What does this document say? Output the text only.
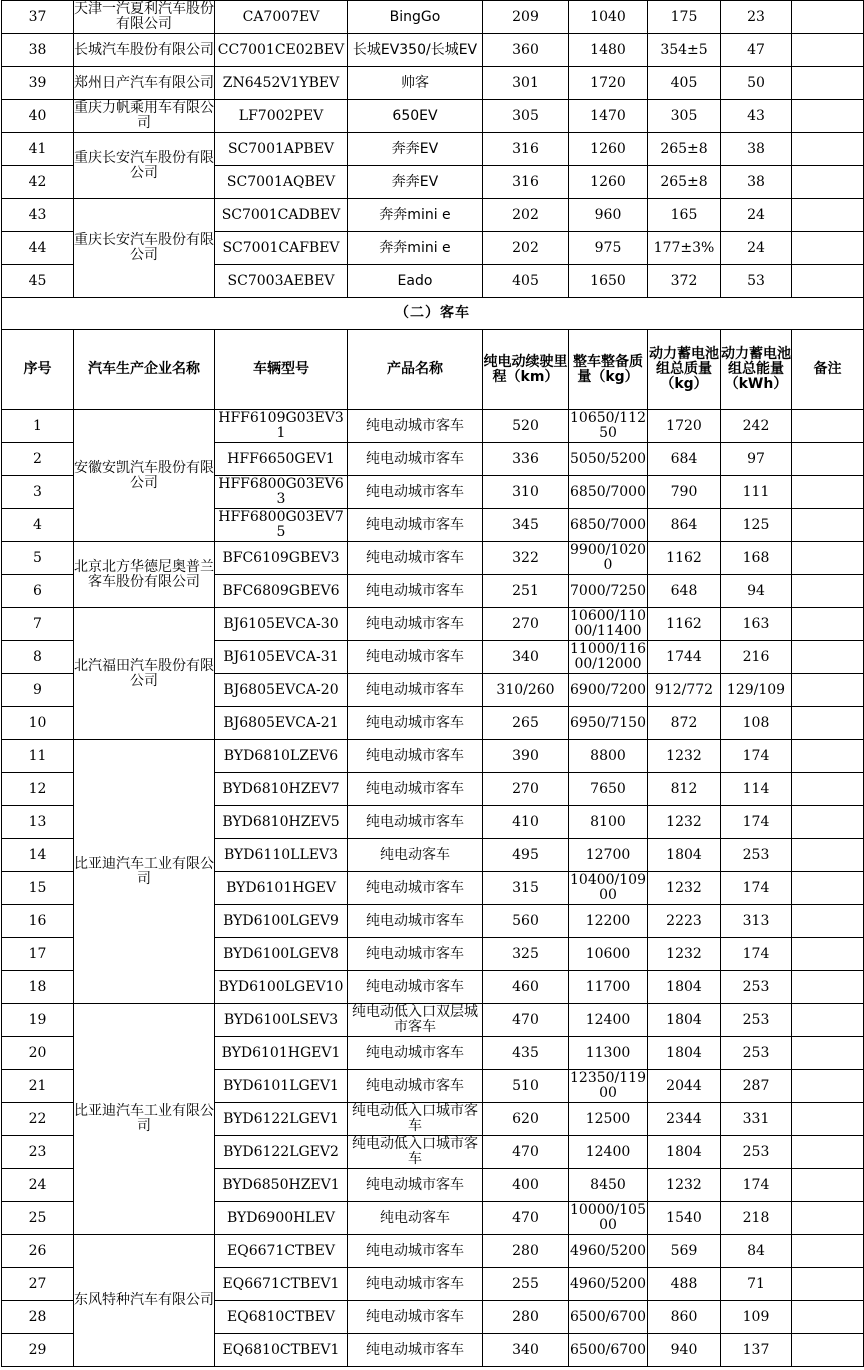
37	天津一汽夏利汽车股份有限公司	CA7007EV	BingGo	209	1040	175	23	
38	长城汽车股份有限公司	CC7001CE02BEV	长城EV350/长城EV	360	1480	354±5	47	
39	郑州日产汽车有限公司	ZN6452V1YBEV	帅客	301	1720	405	50	
40	重庆力帆乘用车有限公司	LF7002PEV	650EV	305	1470	305	43	
41	重庆长安汽车股份有限公司	SC7001APBEV	奔奔EV	316	1260	265±8	38	
42		SC7001AQBEV	奔奔EV	316	1260	265±8	38	
43	重庆长安汽车股份有限公司	SC7001CADBEV	奔奔mini e	202	960	165	24	
44		SC7001CAFBEV	奔奔mini e	202	975	177±3%	24	
45		SC7003AEBEV	Eado	405	1650	372	53	
（二）客车								
序号	汽车生产企业名称	车辆型号	产品名称	纯电动续驶里程（km）	整车整备质量（kg）	动力蓄电池组总质量（kg）	动力蓄电池组总能量（kWh）	备注
1	安徽安凯汽车股份有限公司	HFF6109G03EV31	纯电动城市客车	520	10650/11250	1720	242	
2		HFF6650GEV1	纯电动城市客车	336	5050/5200	684	97	
3		HFF6800G03EV63	纯电动城市客车	310	6850/7000	790	111	
4		HFF6800G03EV75	纯电动城市客车	345	6850/7000	864	125	
5	北京北方华德尼奥普兰客车股份有限公司	BFC6109GBEV3	纯电动城市客车	322	9900/10200	1162	168	
6		BFC6809GBEV6	纯电动城市客车	251	7000/7250	648	94	
7	北汽福田汽车股份有限公司	BJ6105EVCA-30	纯电动城市客车	270	10600/11000/11400	1162	163	
8		BJ6105EVCA-31	纯电动城市客车	340	11000/11600/12000	1744	216	
9		BJ6805EVCA-20	纯电动城市客车	310/260	6900/7200	912/772	129/109	
10		BJ6805EVCA-21	纯电动城市客车	265	6950/7150	872	108	
11	比亚迪汽车工业有限公司	BYD6810LZEV6	纯电动城市客车	390	8800	1232	174	
12		BYD6810HZEV7	纯电动城市客车	270	7650	812	114	
13		BYD6810HZEV5	纯电动城市客车	410	8100	1232	174	
14		BYD6110LLEV3	纯电动客车	495	12700	1804	253	
15		BYD6101HGEV	纯电动城市客车	315	10400/10900	1232	174	
16		BYD6100LGEV9	纯电动城市客车	560	12200	2223	313	
17		BYD6100LGEV8	纯电动城市客车	325	10600	1232	174	
18		BYD6100LGEV10	纯电动城市客车	460	11700	1804	253	
19	比亚迪汽车工业有限公司	BYD6100LSEV3	纯电动低入口双层城市客车	470	12400	1804	253	
20		BYD6101HGEV1	纯电动城市客车	435	11300	1804	253	
21		BYD6101LGEV1	纯电动城市客车	510	12350/11900	2044	287	
22		BYD6122LGEV1	纯电动低入口城市客车	620	12500	2344	331	
23		BYD6122LGEV2	纯电动低入口城市客车	470	12400	1804	253	
24		BYD6850HZEV1	纯电动城市客车	400	8450	1232	174	
25		BYD6900HLEV	纯电动客车	470	10000/10500	1540	218	
26	东风特种汽车有限公司	EQ6671CTBEV	纯电动城市客车	280	4960/5200	569	84	
27		EQ6671CTBEV1	纯电动城市客车	255	4960/5200	488	71	
28		EQ6810CTBEV	纯电动城市客车	280	6500/6700	860	109	
29		EQ6810CTBEV1	纯电动城市客车	340	6500/6700	940	137	
